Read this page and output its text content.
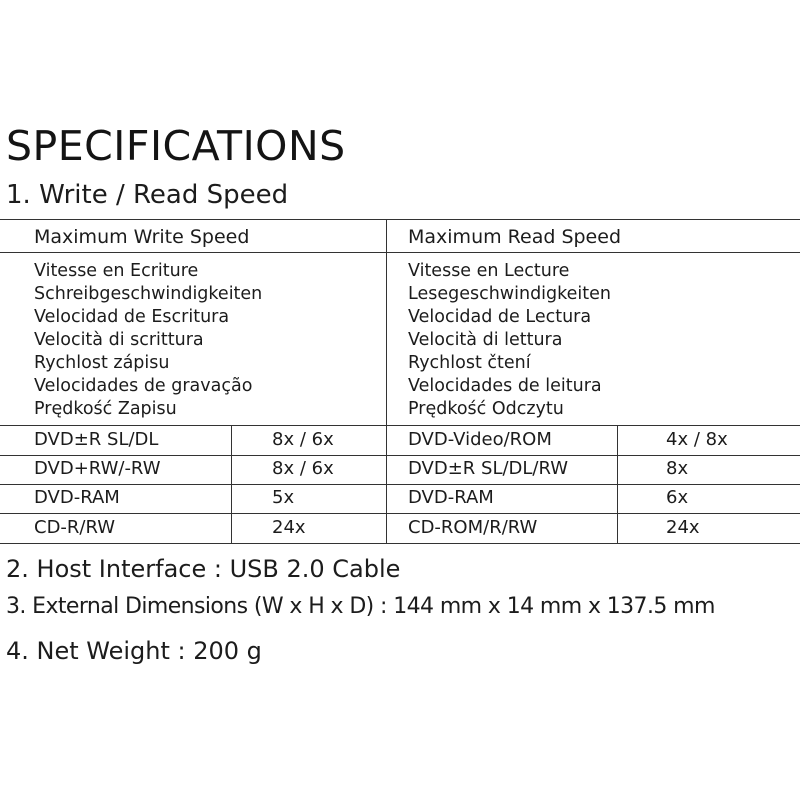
SPECIFICATIONS
1. Write / Read Speed
Maximum Write Speed	Maximum Read Speed
Vitesse en Ecriture
Schreibgeschwindigkeiten
Velocidad de Escritura
Velocità di scrittura
Rychlost zápisu
Velocidades de gravação
Prędkość Zapisu
Vitesse en Lecture
Lesegeschwindigkeiten
Velocidad de Lectura
Velocità di lettura
Rychlost čtení
Velocidades de leitura
Prędkość Odczytu
DVD±R SL/DL	8x / 6x	DVD-Video/ROM	4x / 8x
DVD+RW/-RW	8x / 6x	DVD±R SL/DL/RW	8x
DVD-RAM	5x	DVD-RAM	6x
CD-R/RW	24x	CD-ROM/R/RW	24x
2. Host Interface : USB 2.0 Cable
3. External Dimensions (W x H x D) : 144 mm x 14 mm x 137.5 mm
4. Net Weight : 200 g
